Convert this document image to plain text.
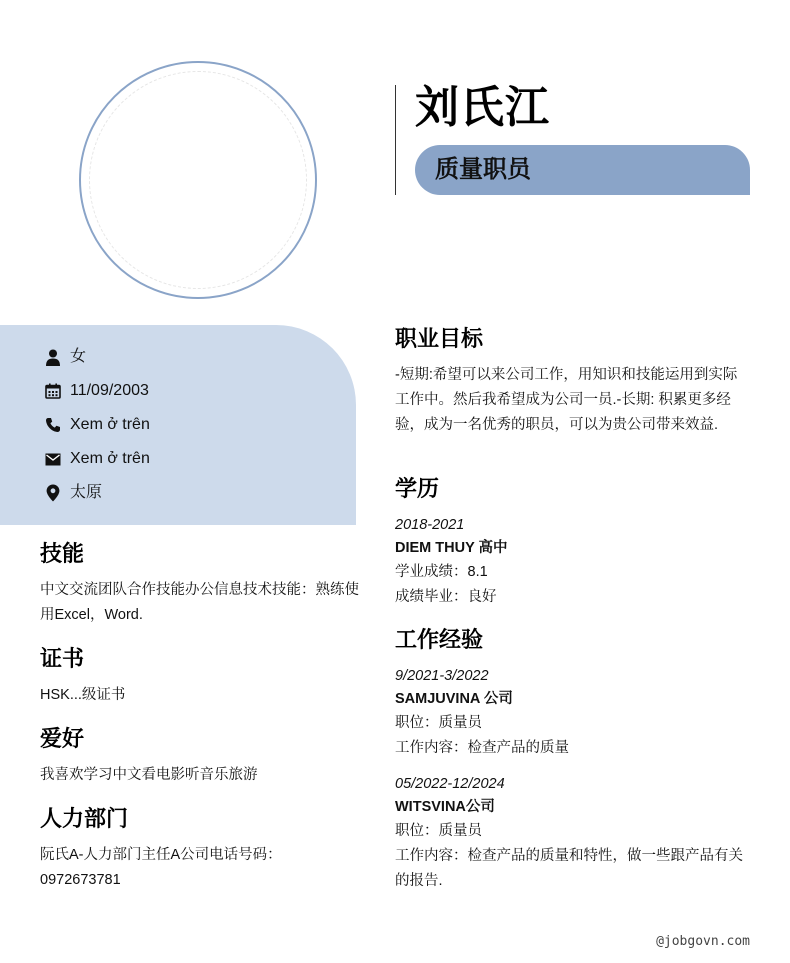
刘氏江
质量职员
女
11/09/2003
Xem ở trên
Xem ở trên
太原
技能

中文交流团队合作技能办公信息技术技能：熟练使用Excel，Word.

证书

HSK...级证书

爱好

我喜欢学习中文看电影听音乐旅游

人力部门

阮氏A-人力部门主任A公司电话号码：0972673781

职业目标

-短期:希望可以来公司工作，用知识和技能运用到实际工作中。然后我希望成为公司一员.-长期: 积累更多经验，成为一名优秀的职员，可以为贵公司带来效益.

学历
2018-2021
DIEM THUY 高中
学业成绩：8.1
成绩毕业：良好
工作经验
9/2021-3/2022
SAMJUVINA 公司
职位：质量员
工作内容：检查产品的质量
05/2022-12/2024
WITSVINA公司
职位：质量员
工作内容：检查产品的质量和特性，做一些跟产品有关的报告.
@jobgovn.com
